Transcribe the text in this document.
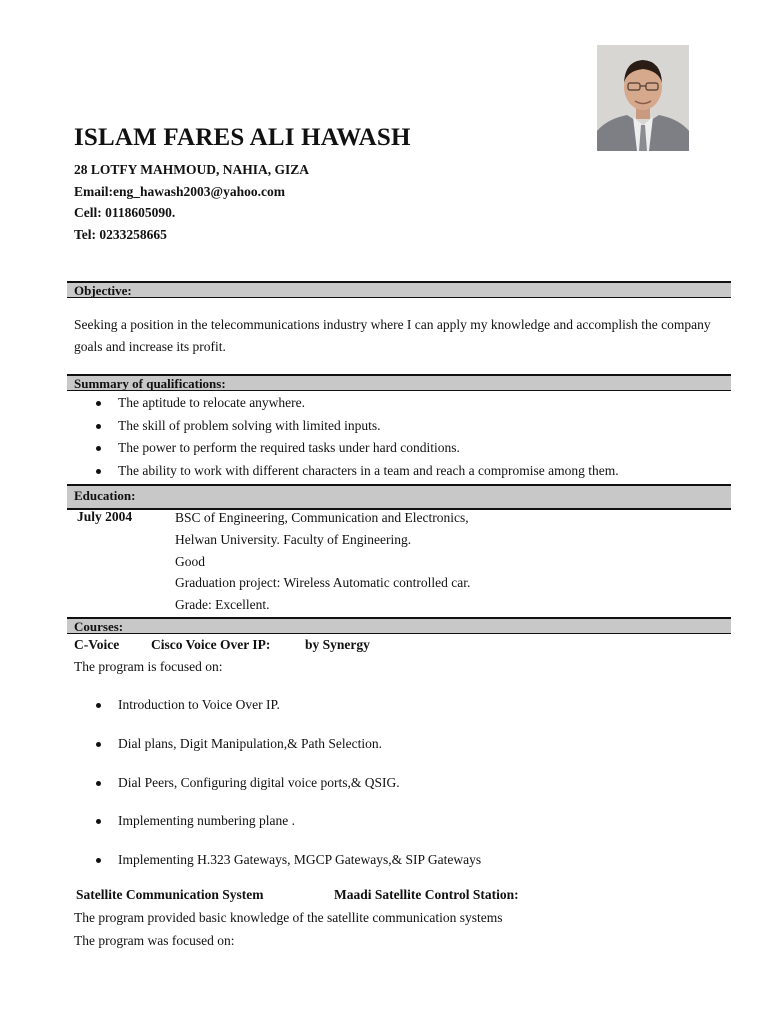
ISLAM FARES ALI HAWASH
28 LOTFY MAHMOUD, NAHIA, GIZA
Email:eng_hawash2003@yahoo.com
Cell: 0118605090.
Tel: 0233258665
Objective:
Seeking a position in the telecommunications industry where I can apply my knowledge and accomplish the company goals and increase its profit.
Summary of qualifications:
The aptitude to relocate anywhere.
The skill of problem solving with limited inputs.
The power to perform the required tasks under hard conditions.
The ability to work with different characters in a team and reach a compromise among them.
Education:
July 2004	BSC of Engineering, Communication and Electronics,
Helwan University. Faculty of Engineering.
Good
Graduation project: Wireless Automatic controlled car.
Grade: Excellent.
Courses:
C-Voice Cisco Voice Over IP:	by Synergy
The program is focused on:
Introduction to Voice Over IP.
Dial plans, Digit Manipulation,& Path Selection.
Dial Peers, Configuring digital voice ports,& QSIG.
Implementing numbering plane .
Implementing H.323 Gateways, MGCP Gateways,& SIP Gateways
Satellite Communication System	Maadi Satellite Control Station:
The program provided basic knowledge of the satellite communication systems
The program was focused on:
